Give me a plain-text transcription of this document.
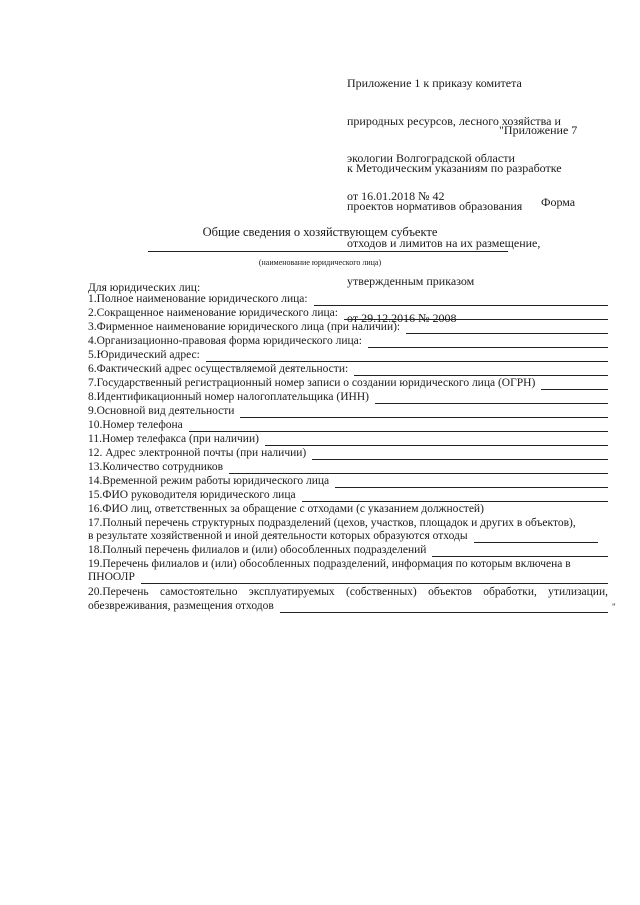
Приложение 1 к приказу комитета

природных ресурсов, лесного хозяйства и

экологии Волгоградской области

от 16.01.2018 № 42

"Приложение 7

к Методическим указаниям по разработке

проектов нормативов образования

отходов и лимитов на их размещение,

утвержденным приказом

от 29.12.2016 № 2008

Форма
Общие сведения о хозяйствующем субъекте
(наименование юридического лица)
Для юридических лиц:
1.Полное наименование юридического лица:
2.Сокращенное наименование юридического лица:
3.Фирменное наименование юридического лица (при наличии):
4.Организационно-правовая форма юридического лица:
5.Юридический адрес:
6.Фактический адрес осуществляемой деятельности:
7.Государственный регистрационный номер записи о создании юридического лица (ОГРН)
8.Идентификационный номер налогоплательщика (ИНН)
9.Основной вид деятельности
10.Номер телефона
11.Номер телефакса (при наличии)
12. Адрес электронной почты (при наличии)
13.Количество сотрудников
14.Временной режим работы юридического лица
15.ФИО руководителя юридического лица
16.ФИО лиц, ответственных за обращение с отходами (с указанием должностей)
17.Полный перечень структурных подразделений (цехов, участков, площадок и других в объектов),
в результате хозяйственной и иной деятельности которых образуются отходы
18.Полный перечень филиалов и (или) обособленных подразделений
19.Перечень филиалов и (или) обособленных подразделений, информация по которым включена в
ПНООЛР
20.Перечень самостоятельно эксплуатируемых (собственных) объектов обработки, утилизации,
обезвреживания, размещения отходов	"
